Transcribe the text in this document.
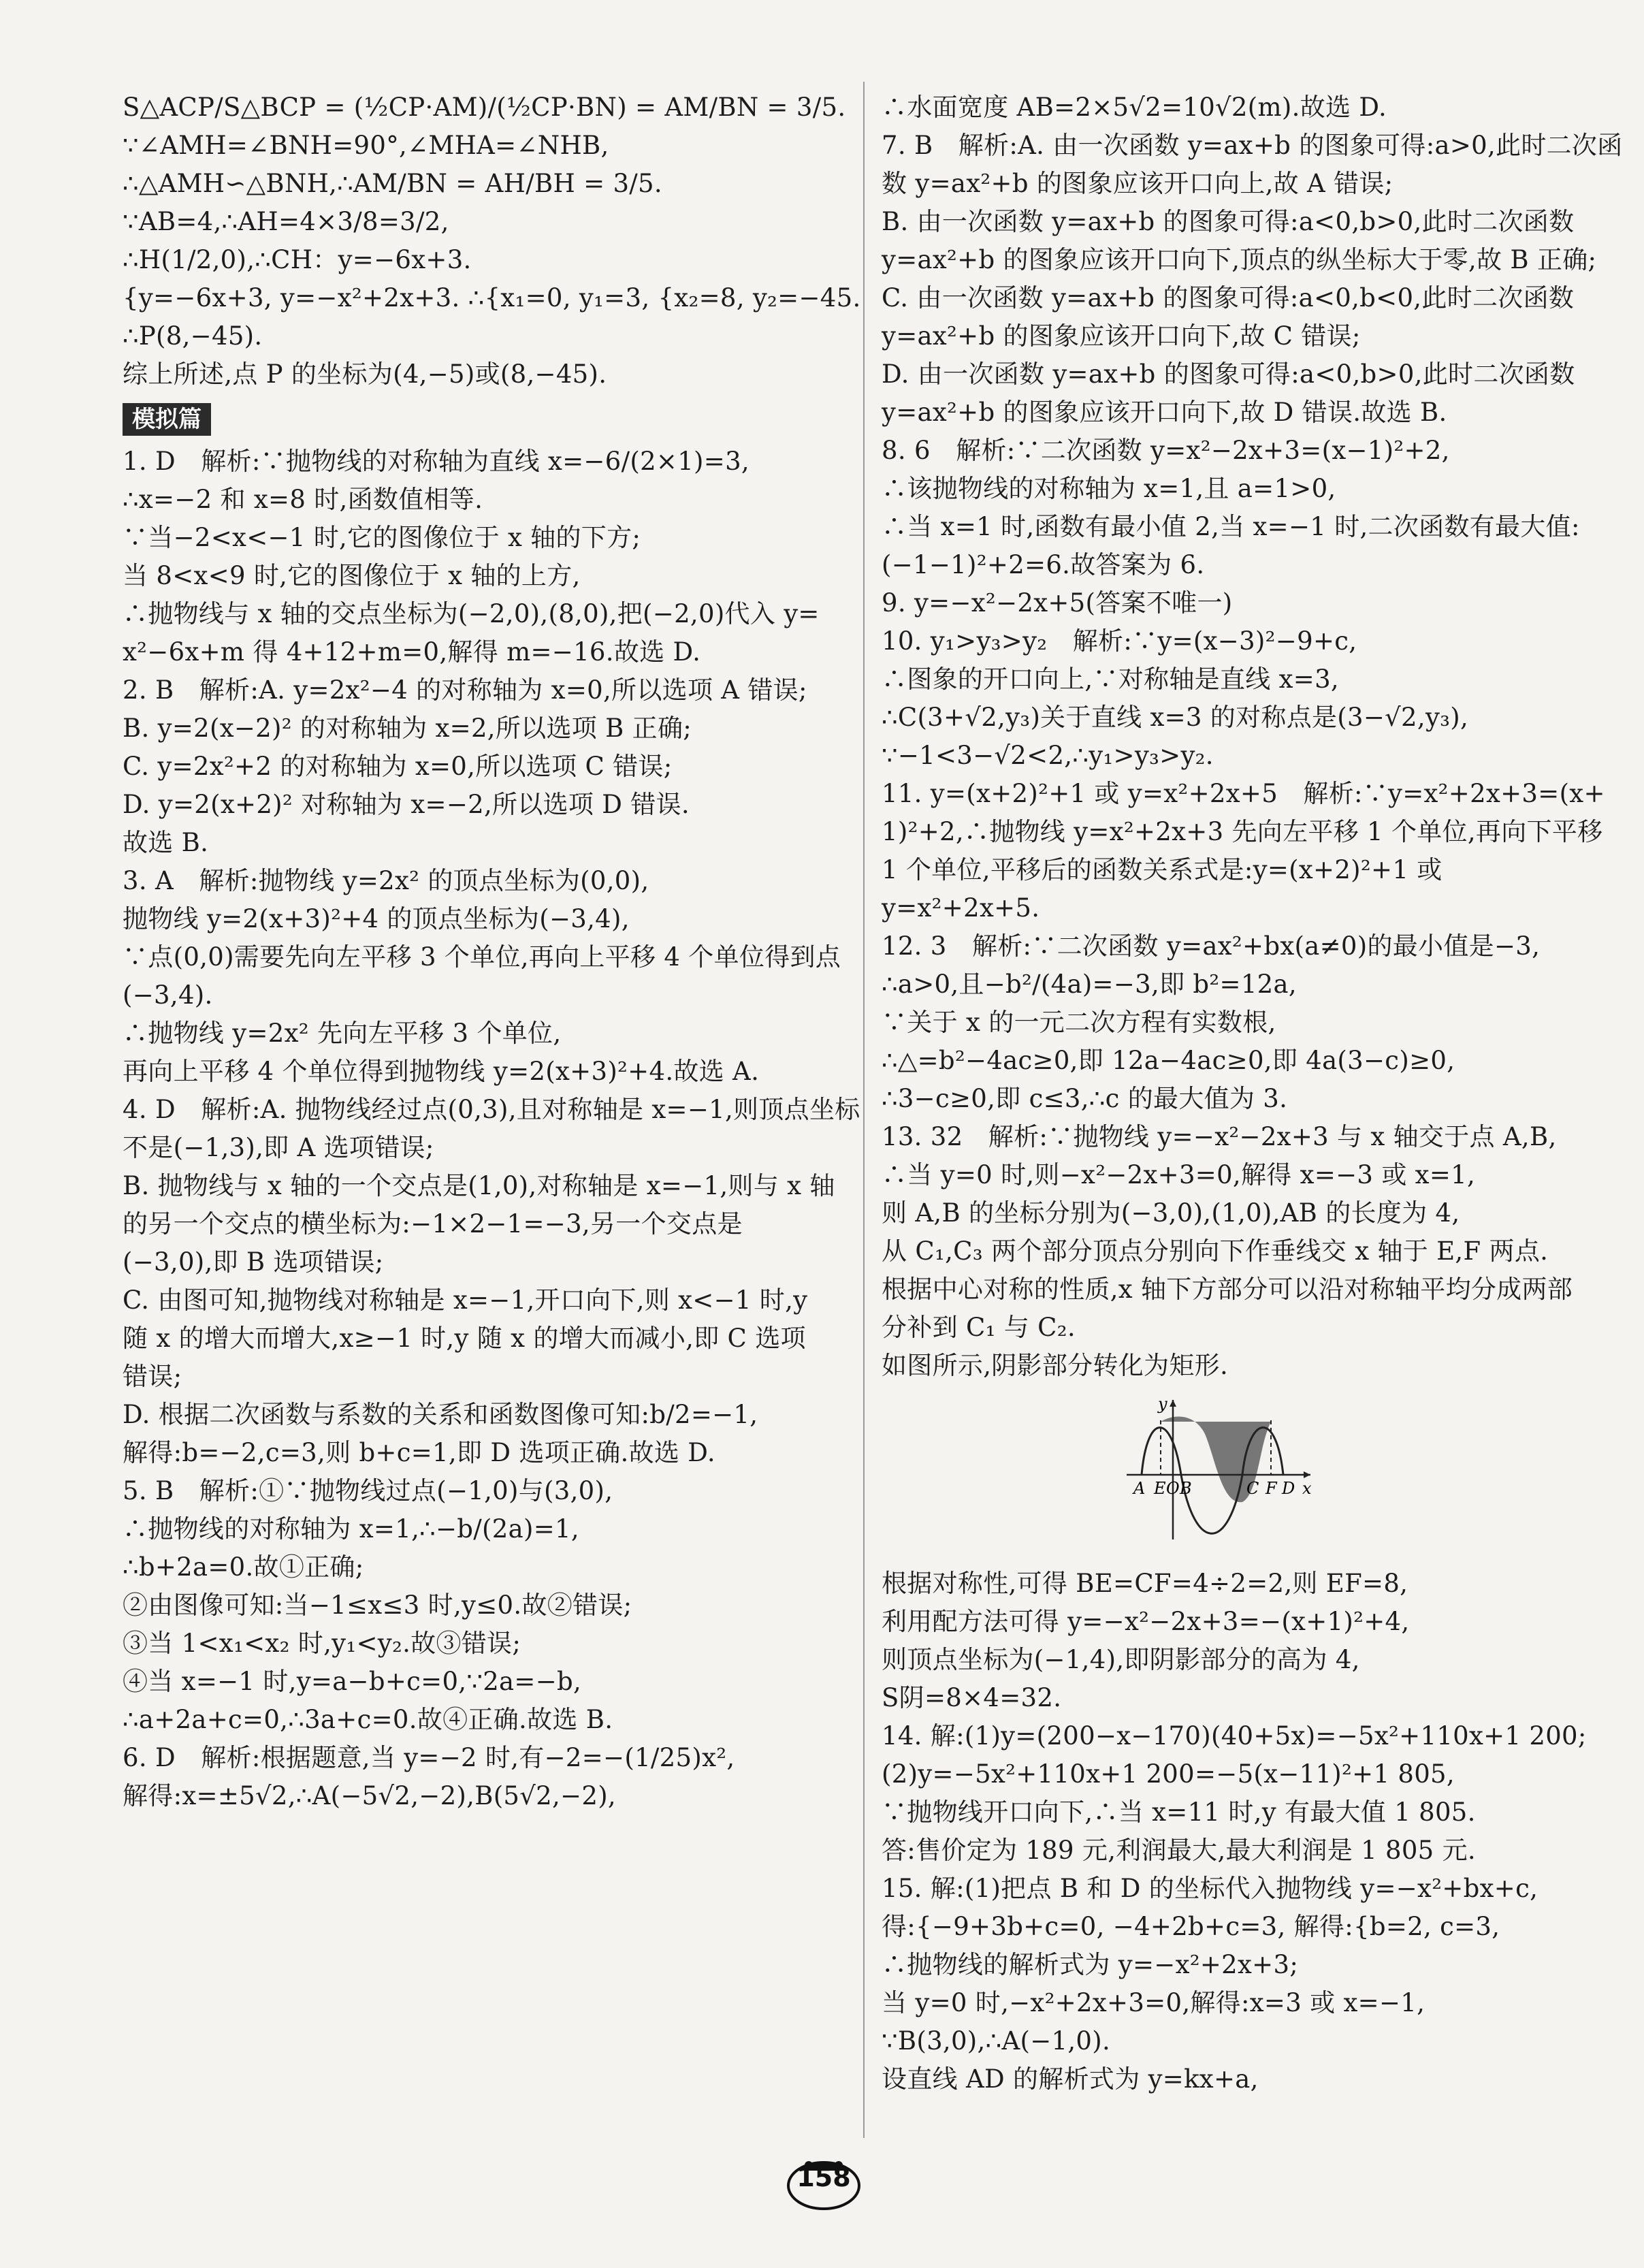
S△ACP/S△BCP = (½CP·AM)/(½CP·BN) = AM/BN = 3/5.
∵∠AMH=∠BNH=90°,∠MHA=∠NHB,
∴△AMH∽△BNH,∴AM/BN = AH/BH = 3/5.
∵AB=4,∴AH=4×3/8=3/2,
∴H(1/2,0),∴CH：y=−6x+3.
{y=−6x+3, y=−x²+2x+3. ∴{x₁=0, y₁=3, {x₂=8, y₂=−45.
∴P(8,−45).
综上所述,点 P 的坐标为(4,−5)或(8,−45).
模拟篇
1. D　解析:∵抛物线的对称轴为直线 x=−6/(2×1)=3,
∴x=−2 和 x=8 时,函数值相等.
∵当−2<x<−1 时,它的图像位于 x 轴的下方;
当 8<x<9 时,它的图像位于 x 轴的上方,
∴抛物线与 x 轴的交点坐标为(−2,0),(8,0),把(−2,0)代入 y=
x²−6x+m 得 4+12+m=0,解得 m=−16.故选 D.
2. B　解析:A. y=2x²−4 的对称轴为 x=0,所以选项 A 错误;
B. y=2(x−2)² 的对称轴为 x=2,所以选项 B 正确;
C. y=2x²+2 的对称轴为 x=0,所以选项 C 错误;
D. y=2(x+2)² 对称轴为 x=−2,所以选项 D 错误.
故选 B.
3. A　解析:抛物线 y=2x² 的顶点坐标为(0,0),
抛物线 y=2(x+3)²+4 的顶点坐标为(−3,4),
∵点(0,0)需要先向左平移 3 个单位,再向上平移 4 个单位得到点
(−3,4).
∴抛物线 y=2x² 先向左平移 3 个单位,
再向上平移 4 个单位得到抛物线 y=2(x+3)²+4.故选 A.
4. D　解析:A. 抛物线经过点(0,3),且对称轴是 x=−1,则顶点坐标
不是(−1,3),即 A 选项错误;
B. 抛物线与 x 轴的一个交点是(1,0),对称轴是 x=−1,则与 x 轴
的另一个交点的横坐标为:−1×2−1=−3,另一个交点是
(−3,0),即 B 选项错误;
C. 由图可知,抛物线对称轴是 x=−1,开口向下,则 x<−1 时,y
随 x 的增大而增大,x≥−1 时,y 随 x 的增大而减小,即 C 选项
错误;
D. 根据二次函数与系数的关系和函数图像可知:b/2=−1,
解得:b=−2,c=3,则 b+c=1,即 D 选项正确.故选 D.
5. B　解析:①∵抛物线过点(−1,0)与(3,0),
∴抛物线的对称轴为 x=1,∴−b/(2a)=1,
∴b+2a=0.故①正确;
②由图像可知:当−1≤x≤3 时,y≤0.故②错误;
③当 1<x₁<x₂ 时,y₁<y₂.故③错误;
④当 x=−1 时,y=a−b+c=0,∵2a=−b,
∴a+2a+c=0,∴3a+c=0.故④正确.故选 B.
6. D　解析:根据题意,当 y=−2 时,有−2=−(1/25)x²,
解得:x=±5√2,∴A(−5√2,−2),B(5√2,−2),
∴水面宽度 AB=2×5√2=10√2(m).故选 D.
7. B　解析:A. 由一次函数 y=ax+b 的图象可得:a>0,此时二次函
数 y=ax²+b 的图象应该开口向上,故 A 错误;
B. 由一次函数 y=ax+b 的图象可得:a<0,b>0,此时二次函数
y=ax²+b 的图象应该开口向下,顶点的纵坐标大于零,故 B 正确;
C. 由一次函数 y=ax+b 的图象可得:a<0,b<0,此时二次函数
y=ax²+b 的图象应该开口向下,故 C 错误;
D. 由一次函数 y=ax+b 的图象可得:a<0,b>0,此时二次函数
y=ax²+b 的图象应该开口向下,故 D 错误.故选 B.
8. 6　解析:∵二次函数 y=x²−2x+3=(x−1)²+2,
∴该抛物线的对称轴为 x=1,且 a=1>0,
∴当 x=1 时,函数有最小值 2,当 x=−1 时,二次函数有最大值:
(−1−1)²+2=6.故答案为 6.
9. y=−x²−2x+5(答案不唯一)
10. y₁>y₃>y₂　解析:∵y=(x−3)²−9+c,
∴图象的开口向上,∵对称轴是直线 x=3,
∴C(3+√2,y₃)关于直线 x=3 的对称点是(3−√2,y₃),
∵−1<3−√2<2,∴y₁>y₃>y₂.
11. y=(x+2)²+1 或 y=x²+2x+5　解析:∵y=x²+2x+3=(x+
1)²+2,∴抛物线 y=x²+2x+3 先向左平移 1 个单位,再向下平移
1 个单位,平移后的函数关系式是:y=(x+2)²+1 或
y=x²+2x+5.
12. 3　解析:∵二次函数 y=ax²+bx(a≠0)的最小值是−3,
∴a>0,且−b²/(4a)=−3,即 b²=12a,
∵关于 x 的一元二次方程有实数根,
∴△=b²−4ac≥0,即 12a−4ac≥0,即 4a(3−c)≥0,
∴3−c≥0,即 c≤3,∴c 的最大值为 3.
13. 32　解析:∵抛物线 y=−x²−2x+3 与 x 轴交于点 A,B,
∴当 y=0 时,则−x²−2x+3=0,解得 x=−3 或 x=1,
则 A,B 的坐标分别为(−3,0),(1,0),AB 的长度为 4,
从 C₁,C₃ 两个部分顶点分别向下作垂线交 x 轴于 E,F 两点.
根据中心对称的性质,x 轴下方部分可以沿对称轴平均分成两部
分补到 C₁ 与 C₂.
如图所示,阴影部分转化为矩形.
y
x
A E O B	C F D
根据对称性,可得 BE=CF=4÷2=2,则 EF=8,
利用配方法可得 y=−x²−2x+3=−(x+1)²+4,
则顶点坐标为(−1,4),即阴影部分的高为 4,
S阴=8×4=32.
14. 解:(1)y=(200−x−170)(40+5x)=−5x²+110x+1 200;
(2)y=−5x²+110x+1 200=−5(x−11)²+1 805,
∵抛物线开口向下,∴当 x=11 时,y 有最大值 1 805.
答:售价定为 189 元,利润最大,最大利润是 1 805 元.
15. 解:(1)把点 B 和 D 的坐标代入抛物线 y=−x²+bx+c,
得:{−9+3b+c=0, −4+2b+c=3, 解得:{b=2, c=3,
∴抛物线的解析式为 y=−x²+2x+3;
当 y=0 时,−x²+2x+3=0,解得:x=3 或 x=−1,
∵B(3,0),∴A(−1,0).
设直线 AD 的解析式为 y=kx+a,
158
